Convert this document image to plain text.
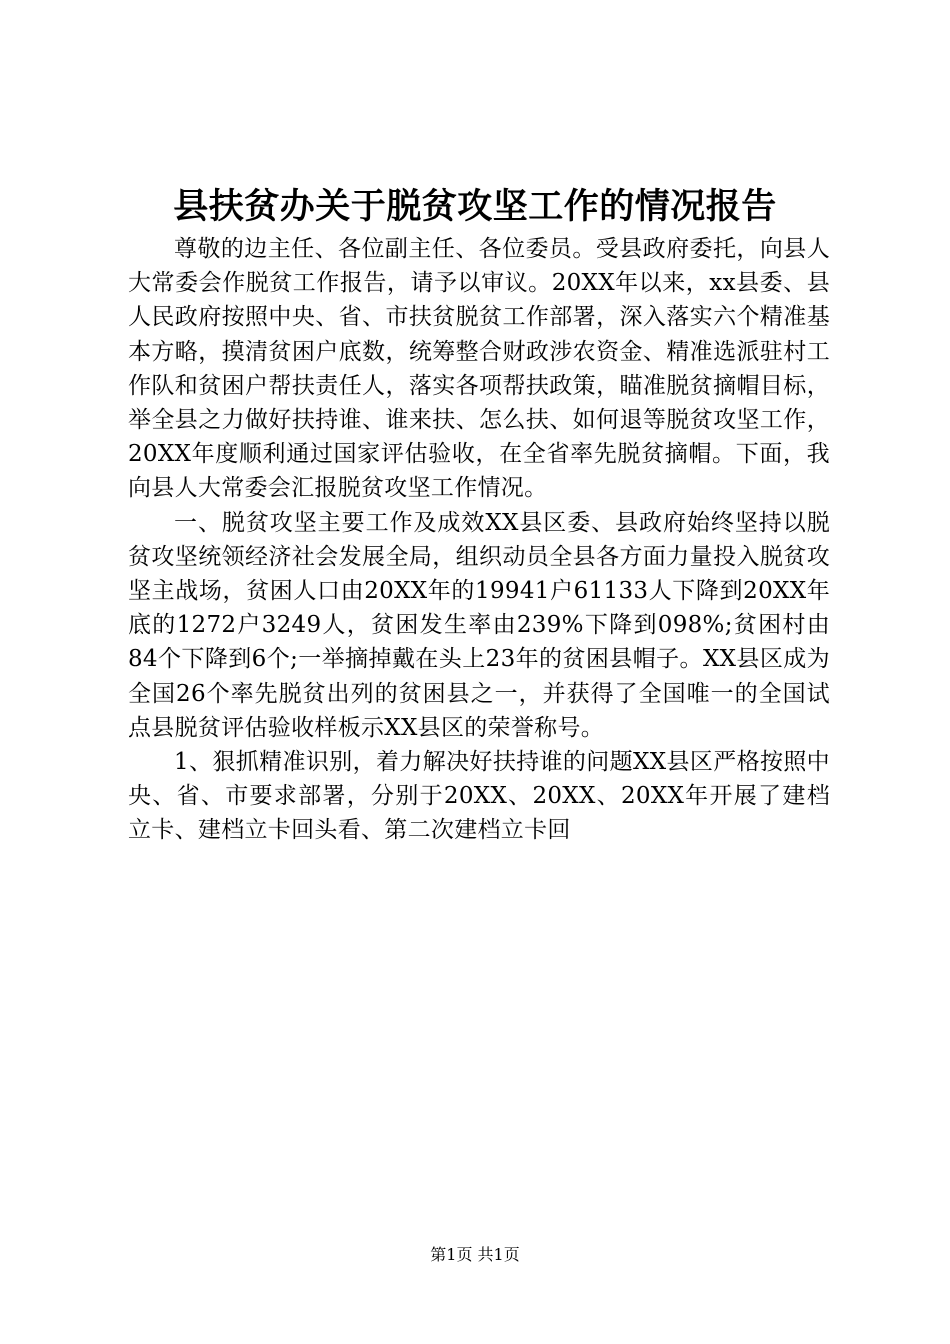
县扶贫办关于脱贫攻坚工作的情况报告

尊敬的边主任、各位副主任、各位委员。受县政府委托，向县人大常委会作脱贫工作报告，请予以审议。20XX年以来，xx县委、县人民政府按照中央、省、市扶贫脱贫工作部署，深入落实六个精准基本方略，摸清贫困户底数，统筹整合财政涉农资金、精准选派驻村工作队和贫困户帮扶责任人，落实各项帮扶政策，瞄准脱贫摘帽目标，举全县之力做好扶持谁、谁来扶、怎么扶、如何退等脱贫攻坚工作，20XX年度顺利通过国家评估验收，在全省率先脱贫摘帽。下面，我向县人大常委会汇报脱贫攻坚工作情况。

一、脱贫攻坚主要工作及成效XX县区委、县政府始终坚持以脱贫攻坚统领经济社会发展全局，组织动员全县各方面力量投入脱贫攻坚主战场，贫困人口由20XX年的19941户61133人下降到20XX年底的1272户3249人，贫困发生率由239%下降到098%;贫困村由84个下降到6个;一举摘掉戴在头上23年的贫困县帽子。XX县区成为全国26个率先脱贫出列的贫困县之一，并获得了全国唯一的全国试点县脱贫评估验收样板示XX县区的荣誉称号。

1、狠抓精准识别，着力解决好扶持谁的问题XX县区严格按照中央、省、市要求部署，分别于20XX、20XX、20XX年开展了建档立卡、建档立卡回头看、第二次建档立卡回

第1页 共1页
